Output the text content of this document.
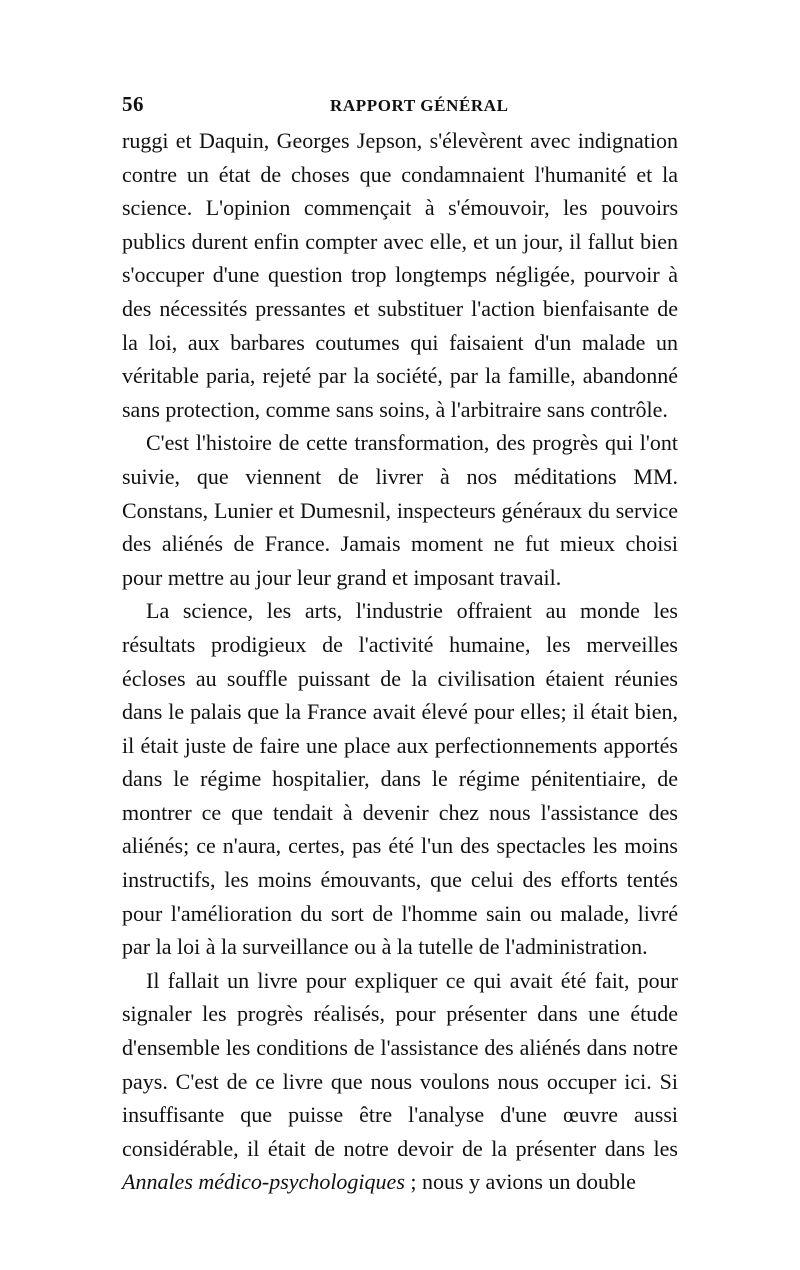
56	RAPPORT GÉNÉRAL

ruggi et Daquin, Georges Jepson, s'élevèrent avec indignation contre un état de choses que condamnaient l'humanité et la science. L'opinion commençait à s'émouvoir, les pouvoirs publics durent enfin compter avec elle, et un jour, il fallut bien s'occuper d'une question trop longtemps négligée, pourvoir à des nécessités pressantes et substituer l'action bienfaisante de la loi, aux barbares coutumes qui faisaient d'un malade un véritable paria, rejeté par la société, par la famille, abandonné sans protection, comme sans soins, à l'arbitraire sans contrôle.

C'est l'histoire de cette transformation, des progrès qui l'ont suivie, que viennent de livrer à nos méditations MM. Constans, Lunier et Dumesnil, inspecteurs généraux du service des aliénés de France. Jamais moment ne fut mieux choisi pour mettre au jour leur grand et imposant travail.

La science, les arts, l'industrie offraient au monde les résultats prodigieux de l'activité humaine, les merveilles écloses au souffle puissant de la civilisation étaient réunies dans le palais que la France avait élevé pour elles; il était bien, il était juste de faire une place aux perfectionnements apportés dans le régime hospitalier, dans le régime pénitentiaire, de montrer ce que tendait à devenir chez nous l'assistance des aliénés; ce n'aura, certes, pas été l'un des spectacles les moins instructifs, les moins émouvants, que celui des efforts tentés pour l'amélioration du sort de l'homme sain ou malade, livré par la loi à la surveillance ou à la tutelle de l'administration.

Il fallait un livre pour expliquer ce qui avait été fait, pour signaler les progrès réalisés, pour présenter dans une étude d'ensemble les conditions de l'assistance des aliénés dans notre pays. C'est de ce livre que nous voulons nous occuper ici. Si insuffisante que puisse être l'analyse d'une œuvre aussi considérable, il était de notre devoir de la présenter dans les Annales médico-psychologiques ; nous y avions un double
